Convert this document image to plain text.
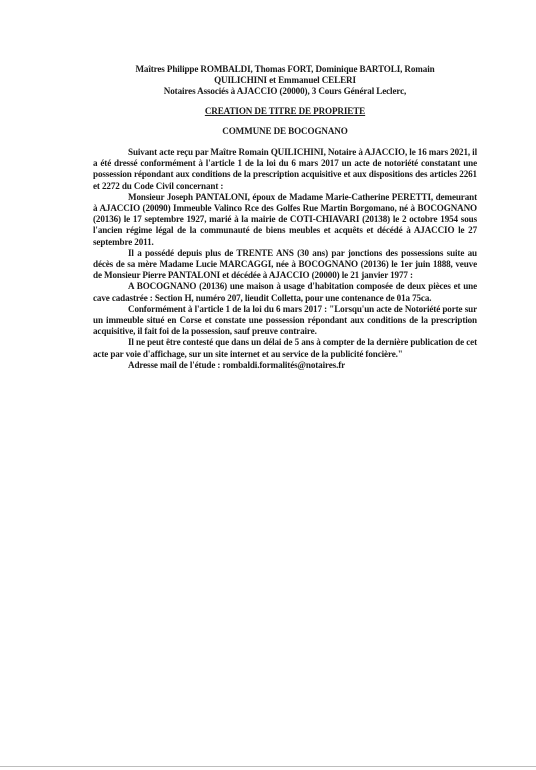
Maîtres Philippe ROMBALDI, Thomas FORT, Dominique BARTOLI, Romain
QUILICHINI et Emmanuel CELERI
Notaires Associés à AJACCIO (20000), 3 Cours Général Leclerc,
CREATION DE TITRE DE PROPRIETE
COMMUNE DE BOCOGNANO

Suivant acte reçu par Maître Romain QUILICHINI, Notaire à AJACCIO, le 16 mars 2021, il a été dressé conformément à l'article 1 de la loi du 6 mars 2017 un acte de notoriété constatant une possession répondant aux conditions de la prescription acquisitive et aux dispositions des articles 2261 et 2272 du Code Civil concernant :

Monsieur Joseph PANTALONI, époux de Madame Marie-Catherine PERETTI, demeurant à AJACCIO (20090) Immeuble Valinco Rce des Golfes Rue Martin Borgomano, né à BOCOGNANO (20136) le 17 septembre 1927, marié à la mairie de COTI-CHIAVARI (20138) le 2 octobre 1954 sous l'ancien régime légal de la communauté de biens meubles et acquêts et décédé à AJACCIO le 27 septembre 2011.

Il a possédé depuis plus de TRENTE ANS (30 ans) par jonctions des possessions suite au décès de sa mère Madame Lucie MARCAGGI, née à BOCOGNANO (20136) le 1er juin 1888, veuve de Monsieur Pierre PANTALONI et décédée à AJACCIO (20000) le 21 janvier 1977 :

A BOCOGNANO (20136) une maison à usage d'habitation composée de deux pièces et une cave cadastrée : Section H, numéro 207, lieudit Colletta, pour une contenance de 01a 75ca.

Conformément à l'article 1 de la loi du 6 mars 2017 : "Lorsqu'un acte de Notoriété porte sur un immeuble situé en Corse et constate une possession répondant aux conditions de la prescription acquisitive, il fait foi de la possession, sauf preuve contraire.

Il ne peut être contesté que dans un délai de 5 ans à compter de la dernière publication de cet acte par voie d'affichage, sur un site internet et au service de la publicité foncière."

Adresse mail de l'étude : rombaldi.formalités@notaires.fr
